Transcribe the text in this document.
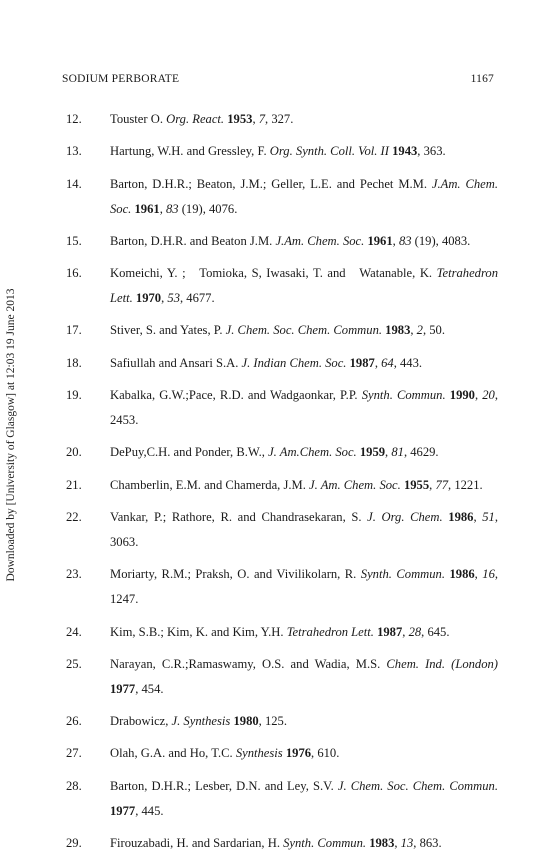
SODIUM PERBORATE	1167
Downloaded by [University of Glasgow] at 12:03 19 June 2013
12.	Touster O. Org. React. 1953, 7, 327.
13.	Hartung, W.H. and Gressley, F. Org. Synth. Coll. Vol. II 1943, 363.
14.	Barton, D.H.R.; Beaton, J.M.; Geller, L.E. and Pechet M.M. J.Am. Chem. Soc. 1961, 83 (19), 4076.
15.	Barton, D.H.R. and Beaton J.M. J.Am. Chem. Soc. 1961, 83 (19), 4083.
16.	Komeichi, Y. ;   Tomioka, S, Iwasaki, T. and   Watanable, K. Tetrahedron Lett. 1970, 53, 4677.
17.	Stiver, S. and Yates, P. J. Chem. Soc. Chem. Commun. 1983, 2, 50.
18.	Safiullah and Ansari S.A. J. Indian Chem. Soc. 1987, 64, 443.
19.	Kabalka, G.W.;Pace, R.D. and Wadgaonkar, P.P. Synth. Commun. 1990, 20, 2453.
20.	DePuy,C.H. and Ponder, B.W., J. Am.Chem. Soc. 1959, 81, 4629.
21.	Chamberlin, E.M. and Chamerda, J.M. J. Am. Chem. Soc. 1955, 77, 1221.
22.	Vankar, P.; Rathore, R. and Chandrasekaran, S. J. Org. Chem. 1986, 51, 3063.
23.	Moriarty, R.M.; Praksh, O. and Vivilikolarn, R. Synth. Commun. 1986, 16, 1247.
24.	Kim, S.B.; Kim, K. and Kim, Y.H. Tetrahedron Lett. 1987, 28, 645.
25.	Narayan, C.R.;Ramaswamy, O.S. and Wadia, M.S. Chem. Ind. (London) 1977, 454.
26.	Drabowicz, J. Synthesis 1980, 125.
27.	Olah, G.A. and Ho, T.C. Synthesis 1976, 610.
28.	Barton, D.H.R.; Lesber, D.N. and Ley, S.V. J. Chem. Soc. Chem. Commun. 1977, 445.
29.	Firouzabadi, H. and Sardarian, H. Synth. Commun. 1983, 13, 863.
